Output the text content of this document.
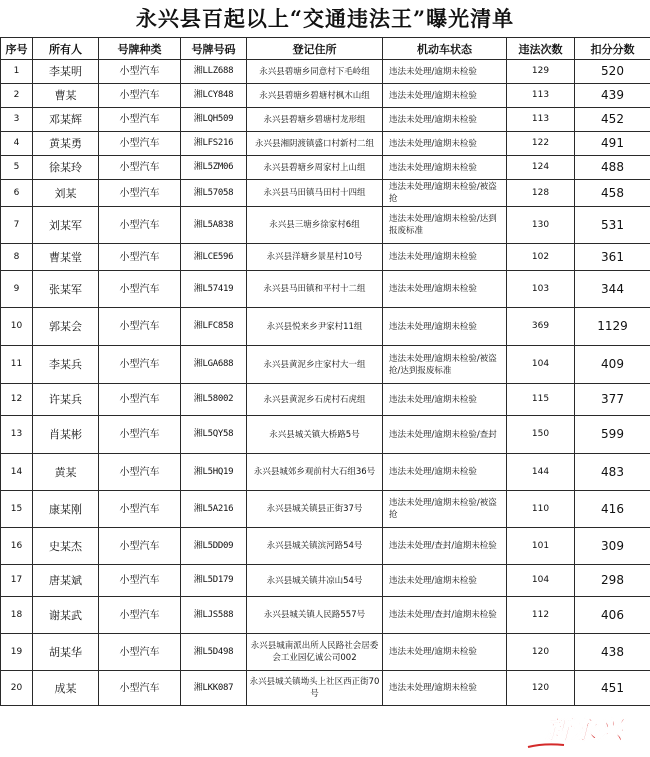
永兴县百起以上“交通违法王”曝光清单
序号	所有人	号牌种类	号牌号码	登记住所	机动车状态	违法次数	扣分分数
1	李某明	小型汽车	湘LLZ688	永兴县碧塘乡同意村下毛岭组	违法未处理/逾期未检验	129	520
2	曹某	小型汽车	湘LCY848	永兴县碧塘乡碧塘村枫木山组	违法未处理/逾期未检验	113	439
3	邓某辉	小型汽车	湘LQH509	永兴县碧塘乡碧塘村龙形组	违法未处理/逾期未检验	113	452
4	黄某勇	小型汽车	湘LFS216	永兴县湘阴渡镇盛口村新村二组	违法未处理/逾期未检验	122	491
5	徐某玲	小型汽车	湘L5ZM06	永兴县碧塘乡周家村上山组	违法未处理/逾期未检验	124	488
6	刘某	小型汽车	湘L57058	永兴县马田镇马田村十四组	违法未处理/逾期未检验/被盗抢	128	458
7	刘某军	小型汽车	湘L5A838	永兴县三塘乡徐家村6组	违法未处理/逾期未检验/达到报废标准	130	531
8	曹某堂	小型汽车	湘LCE596	永兴县洋塘乡景星村10号	违法未处理/逾期未检验	102	361
9	张某军	小型汽车	湘L57419	永兴县马田镇和平村十二组	违法未处理/逾期未检验	103	344
10	郭某会	小型汽车	湘LFC858	永兴县悦来乡尹家村11组	违法未处理/逾期未检验	369	1129
11	李某兵	小型汽车	湘LGA688	永兴县黄泥乡庄家村大一组	违法未处理/逾期未检验/被盗抢/达到报废标准	104	409
12	许某兵	小型汽车	湘L58002	永兴县黄泥乡石虎村石虎组	违法未处理/逾期未检验	115	377
13	肖某彬	小型汽车	湘L5QY58	永兴县城关镇大桥路5号	违法未处理/逾期未检验/查封	150	599
14	黄某	小型汽车	湘L5HQ19	永兴县城郊乡观前村大石组36号	违法未处理/逾期未检验	144	483
15	康某刚	小型汽车	湘L5A216	永兴县城关镇县正街37号	违法未处理/逾期未检验/被盗抢	110	416
16	史某杰	小型汽车	湘L5DD09	永兴县城关镇滨河路54号	违法未处理/查封/逾期未检验	101	309
17	唐某斌	小型汽车	湘L5D179	永兴县城关镇井凉山54号	违法未处理/逾期未检验	104	298
18	谢某武	小型汽车	湘LJS588	永兴县城关镇人民路557号	违法未处理/查封/逾期未检验	112	406
19	胡某华	小型汽车	湘L5D498	永兴县城南派出所人民路社会居委会工业园亿诚公司002	违法未处理/逾期未检验	120	438
20	成某	小型汽车	湘LKK087	永兴县城关镇坳头上社区西正街70号	违法未处理/逾期未检验	120	451
新永兴
